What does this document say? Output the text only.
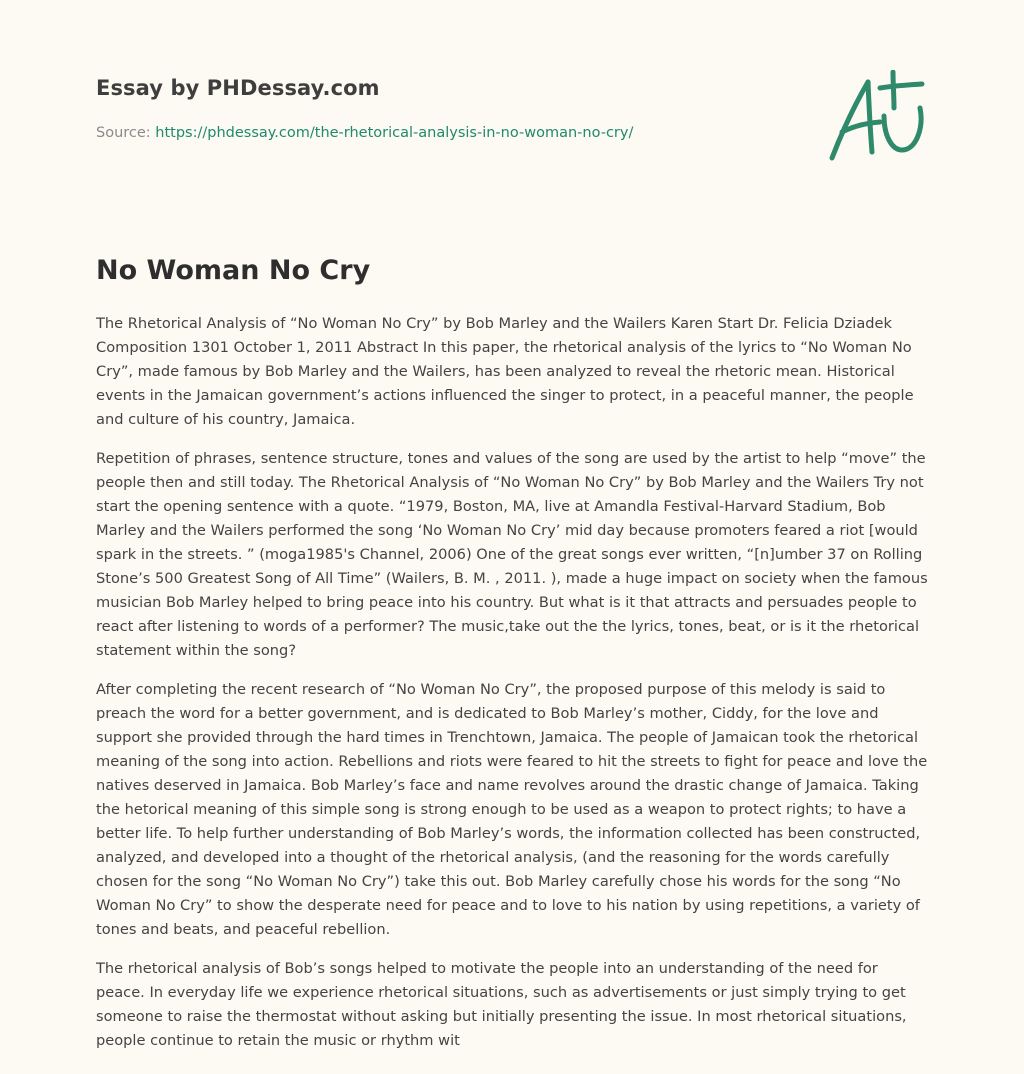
Essay by PHDessay.com
Source: https://phdessay.com/the-rhetorical-analysis-in-no-woman-no-cry/
No Woman No Cry

The Rhetorical Analysis of “No Woman No Cry” by Bob Marley and the Wailers Karen Start Dr. Felicia Dziadek Composition 1301 October 1, 2011 Abstract In this paper, the rhetorical analysis of the lyrics to “No Woman No Cry”, made famous by Bob Marley and the Wailers, has been analyzed to reveal the rhetoric mean. Historical events in the Jamaican government’s actions influenced the singer to protect, in a peaceful manner, the people and culture of his country, Jamaica.

Repetition of phrases, sentence structure, tones and values of the song are used by the artist to help “move” the people then and still today. The Rhetorical Analysis of “No Woman No Cry” by Bob Marley and the Wailers Try not start the opening sentence with a quote. “1979, Boston, MA, live at Amandla Festival-Harvard Stadium, Bob Marley and the Wailers performed the song ‘No Woman No Cry’ mid day because promoters feared a riot [would spark in the streets. ” (moga1985's Channel, 2006) One of the great songs ever written, “[n]umber 37 on Rolling Stone’s 500 Greatest Song of All Time” (Wailers, B. M. , 2011. ), made a huge impact on society when the famous musician Bob Marley helped to bring peace into his country. But what is it that attracts and persuades people to react after listening to words of a performer? The music,take out the the lyrics, tones, beat, or is it the rhetorical statement within the song?

After completing the recent research of “No Woman No Cry”, the proposed purpose of this melody is said to preach the word for a better government, and is dedicated to Bob Marley’s mother, Ciddy, for the love and support she provided through the hard times in Trenchtown, Jamaica. The people of Jamaican took the rhetorical meaning of the song into action. Rebellions and riots were feared to hit the streets to fight for peace and love the natives deserved in Jamaica. Bob Marley’s face and name revolves around the drastic change of Jamaica. Taking the hetorical meaning of this simple song is strong enough to be used as a weapon to protect rights; to have a better life. To help further understanding of Bob Marley’s words, the information collected has been constructed, analyzed, and developed into a thought of the rhetorical analysis, (and the reasoning for the words carefully chosen for the song “No Woman No Cry”) take this out. Bob Marley carefully chose his words for the song “No Woman No Cry” to show the desperate need for peace and to love to his nation by using repetitions, a variety of tones and beats, and peaceful rebellion.

The rhetorical analysis of Bob’s songs helped to motivate the people into an understanding of the need for peace. In everyday life we experience rhetorical situations, such as advertisements or just simply trying to get someone to raise the thermostat without asking but initially presenting the issue. In most rhetorical situations, people continue to retain the music or rhythm wit
